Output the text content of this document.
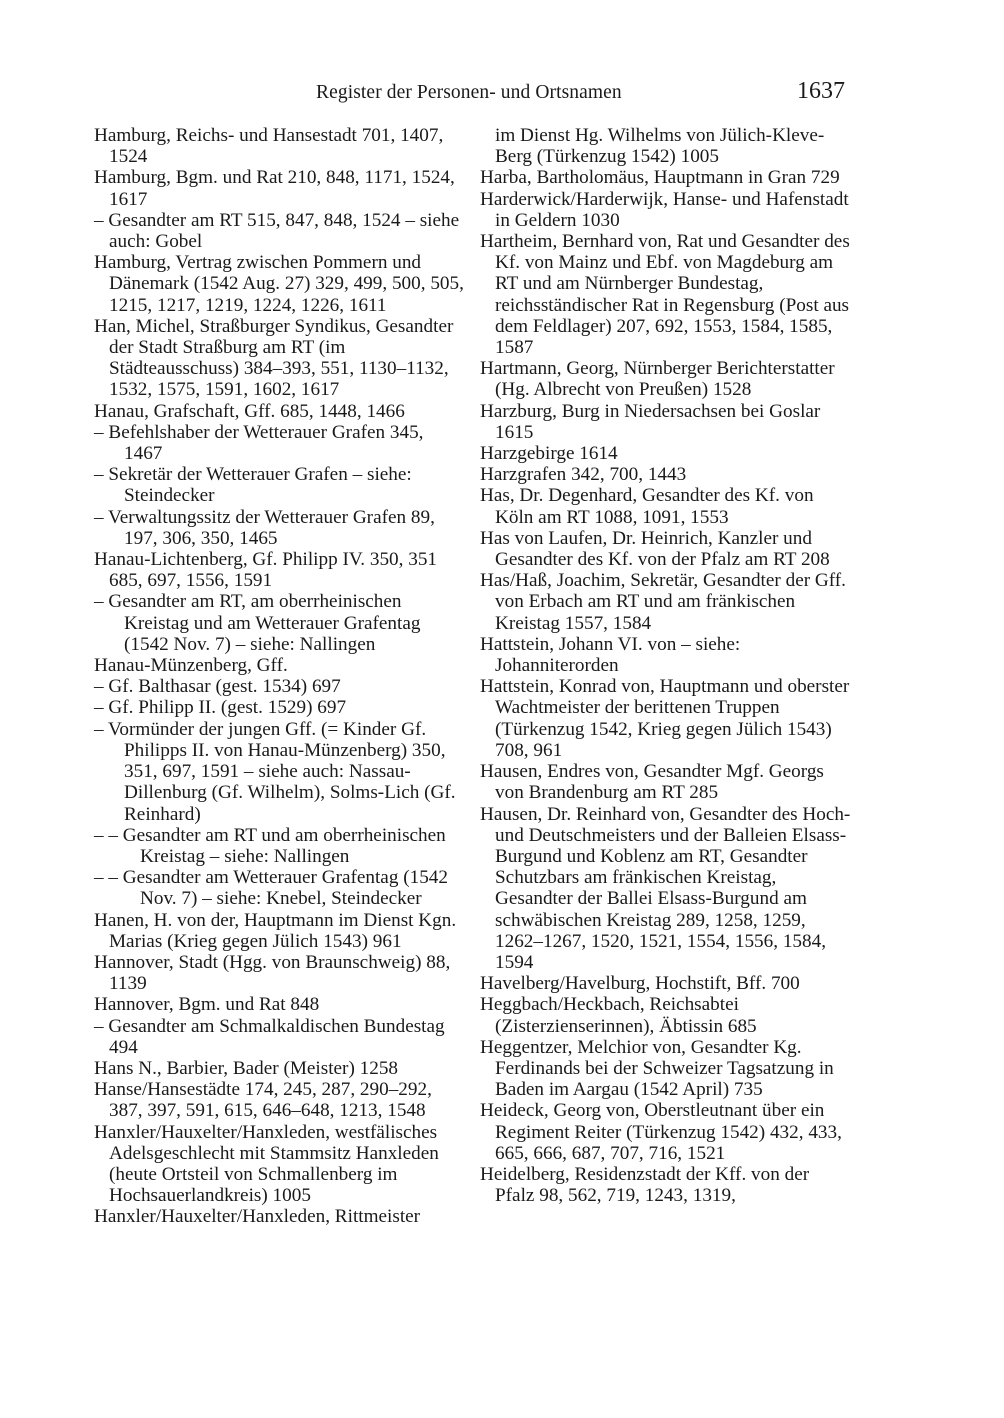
Register der Personen- und Ortsnamen	1637

Hamburg, Reichs- und Hansestadt 701, 1407, 1524

Hamburg, Bgm. und Rat 210, 848, 1171, 1524, 1617

– Gesandter am RT 515, 847, 848, 1524 – siehe auch: Gobel

Hamburg, Vertrag zwischen Pommern und Dänemark (1542 Aug. 27) 329, 499, 500, 505, 1215, 1217, 1219, 1224, 1226, 1611

Han, Michel, Straßburger Syndikus, Gesandter der Stadt Straßburg am RT (im Städteausschuss) 384–393, 551, 1130–1132, 1532, 1575, 1591, 1602, 1617

Hanau, Grafschaft, Gff. 685, 1448, 1466

– Befehlshaber der Wetterauer Grafen 345, 1467

– Sekretär der Wetterauer Grafen – siehe: Steindecker

– Verwaltungssitz der Wetterauer Grafen 89, 197, 306, 350, 1465

Hanau-Lichtenberg, Gf. Philipp IV. 350, 351 685, 697, 1556, 1591

– Gesandter am RT, am oberrheinischen Kreistag und am Wetterauer Grafentag (1542 Nov. 7) – siehe: Nallingen

Hanau-Münzenberg, Gff.

– Gf. Balthasar (gest. 1534) 697

– Gf. Philipp II. (gest. 1529) 697

– Vormünder der jungen Gff. (= Kinder Gf. Philipps II. von Hanau-Münzenberg) 350, 351, 697, 1591 – siehe auch: Nassau-Dillenburg (Gf. Wilhelm), Solms-Lich (Gf. Reinhard)

– – Gesandter am RT und am oberrheinischen Kreistag – siehe: Nallingen

– – Gesandter am Wetterauer Grafentag (1542 Nov. 7) – siehe: Knebel, Steindecker

Hanen, H. von der, Hauptmann im Dienst Kgn. Marias (Krieg gegen Jülich 1543) 961

Hannover, Stadt (Hgg. von Braunschweig) 88, 1139

Hannover, Bgm. und Rat 848

– Gesandter am Schmalkaldischen Bundestag 494

Hans N., Barbier, Bader (Meister) 1258

Hanse/Hansestädte 174, 245, 287, 290–292, 387, 397, 591, 615, 646–648, 1213, 1548

Hanxler/Hauxelter/Hanxleden, westfälisches Adelsgeschlecht mit Stammsitz Hanxleden (heute Ortsteil von Schmallenberg im Hochsauerlandkreis) 1005

Hanxler/Hauxelter/Hanxleden, Rittmeister

im Dienst Hg. Wilhelms von Jülich-Kleve-Berg (Türkenzug 1542) 1005

Harba, Bartholomäus, Hauptmann in Gran 729

Harderwick/Harderwijk, Hanse- und Hafenstadt in Geldern 1030

Hartheim, Bernhard von, Rat und Gesandter des Kf. von Mainz und Ebf. von Magdeburg am RT und am Nürnberger Bundestag, reichsständischer Rat in Regensburg (Post aus dem Feldlager) 207, 692, 1553, 1584, 1585, 1587

Hartmann, Georg, Nürnberger Berichterstatter (Hg. Albrecht von Preußen) 1528

Harzburg, Burg in Niedersachsen bei Goslar 1615

Harzgebirge 1614

Harzgrafen 342, 700, 1443

Has, Dr. Degenhard, Gesandter des Kf. von Köln am RT 1088, 1091, 1553

Has von Laufen, Dr. Heinrich, Kanzler und Gesandter des Kf. von der Pfalz am RT 208

Has/Haß, Joachim, Sekretär, Gesandter der Gff. von Erbach am RT und am fränkischen Kreistag 1557, 1584

Hattstein, Johann VI. von – siehe: Johanniterorden

Hattstein, Konrad von, Hauptmann und oberster Wachtmeister der berittenen Truppen (Türkenzug 1542, Krieg gegen Jülich 1543) 708, 961

Hausen, Endres von, Gesandter Mgf. Georgs von Brandenburg am RT 285

Hausen, Dr. Reinhard von, Gesandter des Hoch- und Deutschmeisters und der Balleien Elsass-Burgund und Koblenz am RT, Gesandter Schutzbars am fränkischen Kreistag, Gesandter der Ballei Elsass-Burgund am schwäbischen Kreistag 289, 1258, 1259, 1262–1267, 1520, 1521, 1554, 1556, 1584, 1594

Havelberg/Havelburg, Hochstift, Bff. 700

Heggbach/Heckbach, Reichsabtei (Zisterzienserinnen), Äbtissin 685

Heggentzer, Melchior von, Gesandter Kg. Ferdinands bei der Schweizer Tagsatzung in Baden im Aargau (1542 April) 735

Heideck, Georg von, Oberstleutnant über ein Regiment Reiter (Türkenzug 1542) 432, 433, 665, 666, 687, 707, 716, 1521

Heidelberg, Residenzstadt der Kff. von der Pfalz 98, 562, 719, 1243, 1319,
